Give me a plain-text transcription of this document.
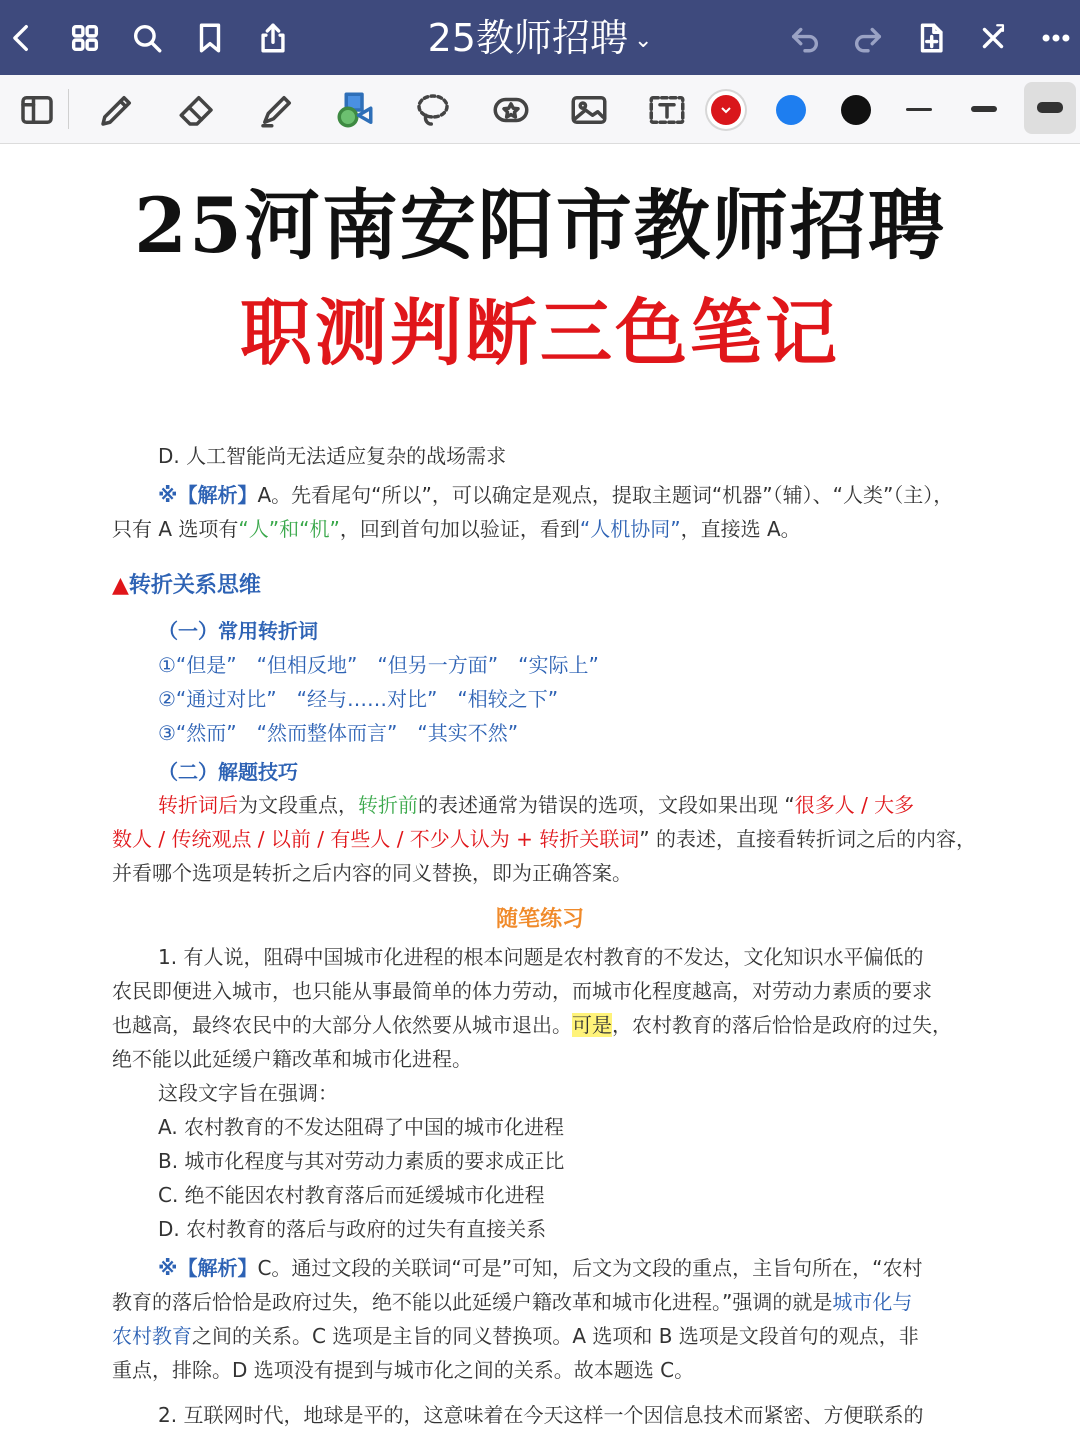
25教师招聘 ⌄
25河南安阳市教师招聘
职测判断三色笔记
D. 人工智能尚无法适应复杂的战场需求
※【解析】A。先看尾句“所以”，可以确定是观点，提取主题词“机器”（辅）、“人类”（主），
只有 A 选项有“人”和“机”，回到首句加以验证，看到“人机协同”，直接选 A。
▲转折关系思维
（一）常用转折词
①“但是”　“但相反地”　“但另一方面”　“实际上”
②“通过对比”　“经与……对比”　“相较之下”
③“然而”　“然而整体而言”　“其实不然”
（二）解题技巧
转折词后为文段重点，转折前的表述通常为错误的选项，文段如果出现 “很多人 / 大多
数人 / 传统观点 / 以前 / 有些人 / 不少人认为 + 转折关联词” 的表述，直接看转折词之后的内容，
并看哪个选项是转折之后内容的同义替换，即为正确答案。
随笔练习
1. 有人说，阻碍中国城市化进程的根本问题是农村教育的不发达，文化知识水平偏低的
农民即便进入城市，也只能从事最简单的体力劳动，而城市化程度越高，对劳动力素质的要求
也越高，最终农民中的大部分人依然要从城市退出。可是，农村教育的落后恰恰是政府的过失，
绝不能以此延缓户籍改革和城市化进程。
这段文字旨在强调：
A. 农村教育的不发达阻碍了中国的城市化进程
B. 城市化程度与其对劳动力素质的要求成正比
C. 绝不能因农村教育落后而延缓城市化进程
D. 农村教育的落后与政府的过失有直接关系
※【解析】C。通过文段的关联词“可是”可知，后文为文段的重点，主旨句所在，“农村
教育的落后恰恰是政府过失，绝不能以此延缓户籍改革和城市化进程。”强调的就是城市化与
农村教育之间的关系。C 选项是主旨的同义替换项。A 选项和 B 选项是文段首句的观点，非
重点，排除。D 选项没有提到与城市化之间的关系。故本题选 C。
2. 互联网时代，地球是平的，这意味着在今天这样一个因信息技术而紧密、方便联系的
